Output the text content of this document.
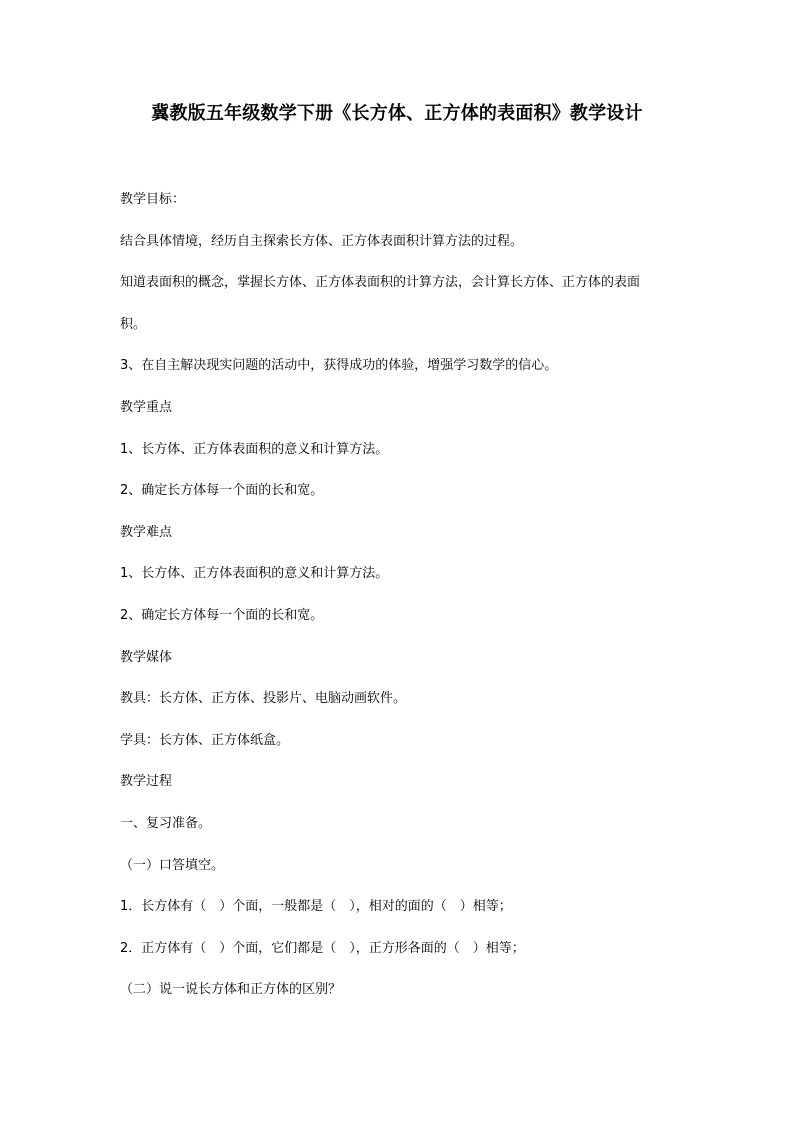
冀教版五年级数学下册《长方体、正方体的表面积》教学设计
教学目标：
结合具体情境，经历自主探索长方体、正方体表面积计算方法的过程。
知道表面积的概念，掌握长方体、正方体表面积的计算方法，会计算长方体、正方体的表面
积。
3、在自主解决现实问题的活动中，获得成功的体验，增强学习数学的信心。
教学重点
1、长方体、正方体表面积的意义和计算方法。
2、确定长方体每一个面的长和宽。
教学难点
1、长方体、正方体表面积的意义和计算方法。
2、确定长方体每一个面的长和宽。
教学媒体
教具：长方体、正方体、投影片、电脑动画软件。
学具：长方体、正方体纸盒。
教学过程
一、复习准备。
（一）口答填空。
1．长方体有（　）个面，一般都是（　），相对的面的（　）相等；
2．正方体有（　）个面，它们都是（　），正方形各面的（　）相等；
（二）说一说长方体和正方体的区别？
